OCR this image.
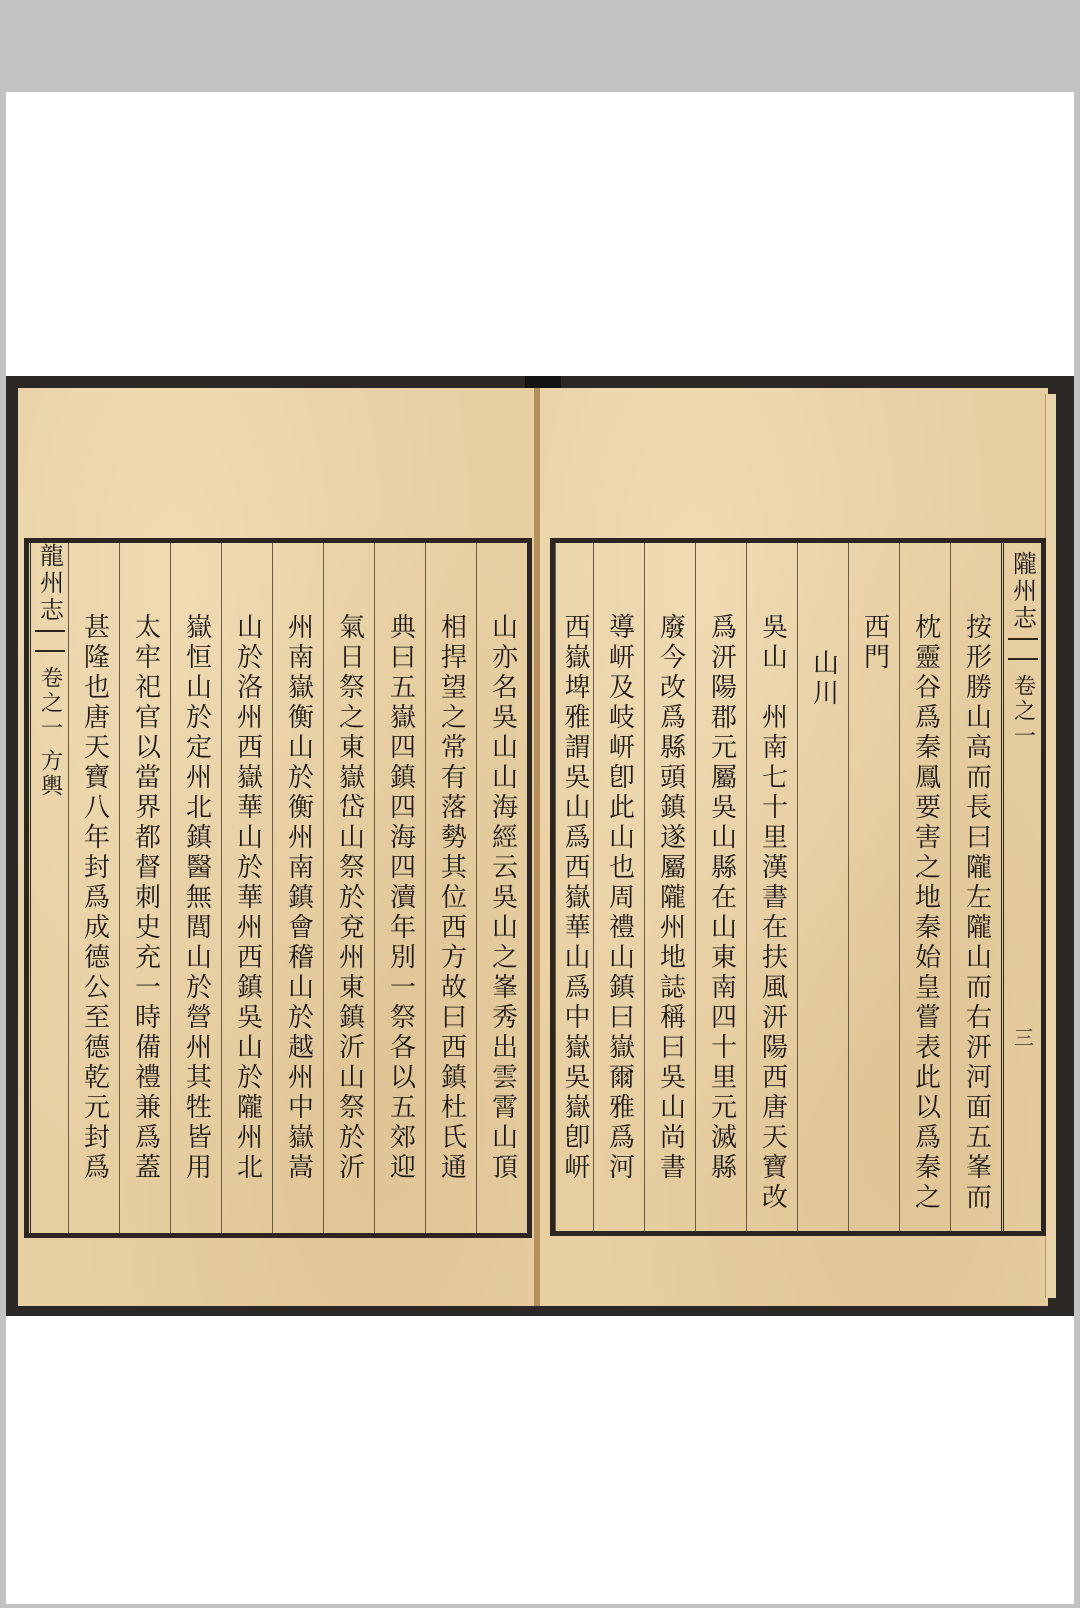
山亦名吳山山海經云吳山之峯秀出雲霄山頂
相捍望之常有落勢其位西方故曰西鎮杜氏通
典曰五嶽四鎮四海四瀆年別一祭各以五郊迎
氣日祭之東嶽岱山祭於兗州東鎮沂山祭於沂
州南嶽衡山於衡州南鎮會稽山於越州中嶽嵩
山於洛州西嶽華山於華州西鎮吳山於隴州北
嶽恒山於定州北鎮醫無閭山於營州其牲皆用
太牢祀官以當界都督刺史充一時備禮兼爲蓋
甚隆也唐天寶八年封爲成德公至德乾元封爲
龍州志
卷之一
方輿
隴州志
卷之一
三
按形勝山高而長曰隴左隴山而右汧河面五峯而
枕靈谷爲秦鳳要害之地秦始皇嘗表此以爲秦之
西門
山川
吳山　州南七十里漢書在扶風汧陽西唐天寶改
爲汧陽郡元屬吳山縣在山東南四十里元滅縣
廢今改爲縣頭鎮遂屬隴州地誌稱曰吳山尚書
導岍及岐岍卽此山也周禮山鎮曰嶽爾雅爲河
西嶽埤雅謂吳山爲西嶽華山爲中嶽吳嶽卽岍
